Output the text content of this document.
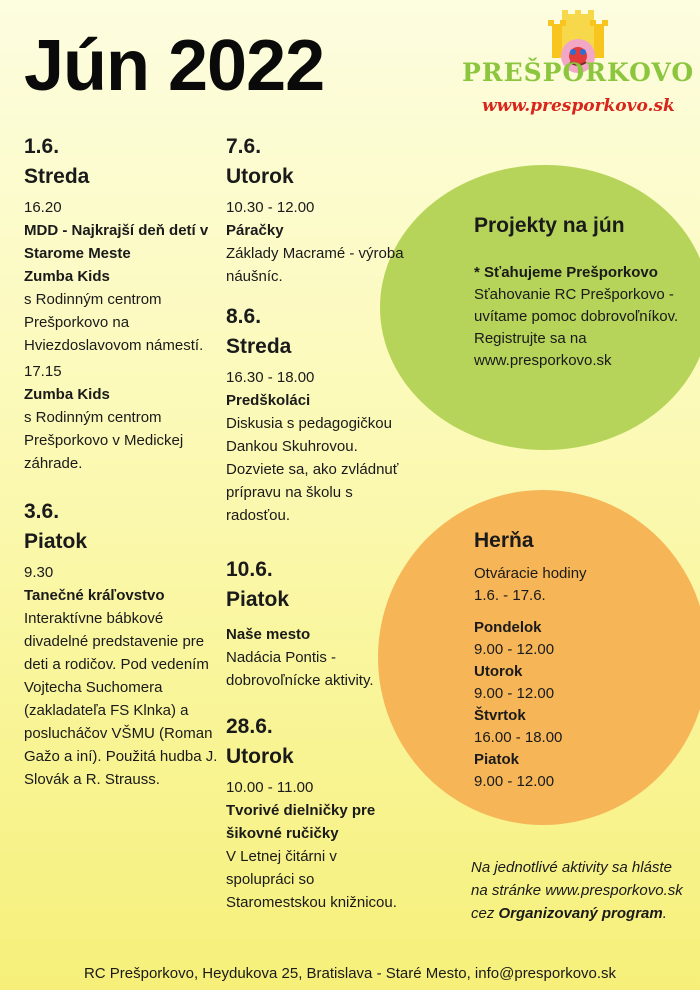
Jún 2022	PREŠPORKOVO
www.presporkovo.sk
1.6.
Streda
16.20
MDD - Najkrajší deň detí v Starome Meste
Zumba Kids
s Rodinným centrom Prešporkovo na Hviezdoslavovom námestí.
17.15
Zumba Kids
s Rodinným centrom Prešporkovo v Medickej záhrade.
3.6.
Piatok
9.30
Tanečné kráľovstvo
Interaktívne bábkové divadelné predstavenie pre deti a rodičov. Pod vedením Vojtecha Suchomera (zakladateľa FS Klnka) a poslucháčov VŠMU (Roman Gažo a iní). Použitá hudba J. Slovák a R. Strauss.
7.6.
Utorok
10.30 - 12.00
Páračky
Základy Macramé - výroba náušníc.
8.6.
Streda
16.30 - 18.00
Predškoláci
Diskusia s pedagogičkou Dankou Skuhrovou. Dozviete sa, ako zvládnuť prípravu na školu s radosťou.
10.6.
Piatok
Naše mesto
Nadácia Pontis - dobrovoľnícke aktivity.
28.6.
Utorok
10.00 - 11.00
Tvorivé dielničky pre šikovné ručičky
V Letnej čitárni v spolupráci so Staromestskou knižnicou.
Projekty na jún
* Sťahujeme Prešporkovo
Sťahovanie RC Prešporkovo - uvítame pomoc dobrovoľníkov. Registrujte sa na www.presporkovo.sk
Herňa
Otváracie hodiny
1.6. - 17.6.
Pondelok
9.00 - 12.00
Utorok
9.00 - 12.00
Štvrtok
16.00 - 18.00
Piatok
9.00 - 12.00
Na jednotlivé aktivity sa hláste na stránke www.presporkovo.sk cez Organizovaný program.
RC Prešporkovo, Heydukova 25, Bratislava - Staré Mesto, info@presporkovo.sk
